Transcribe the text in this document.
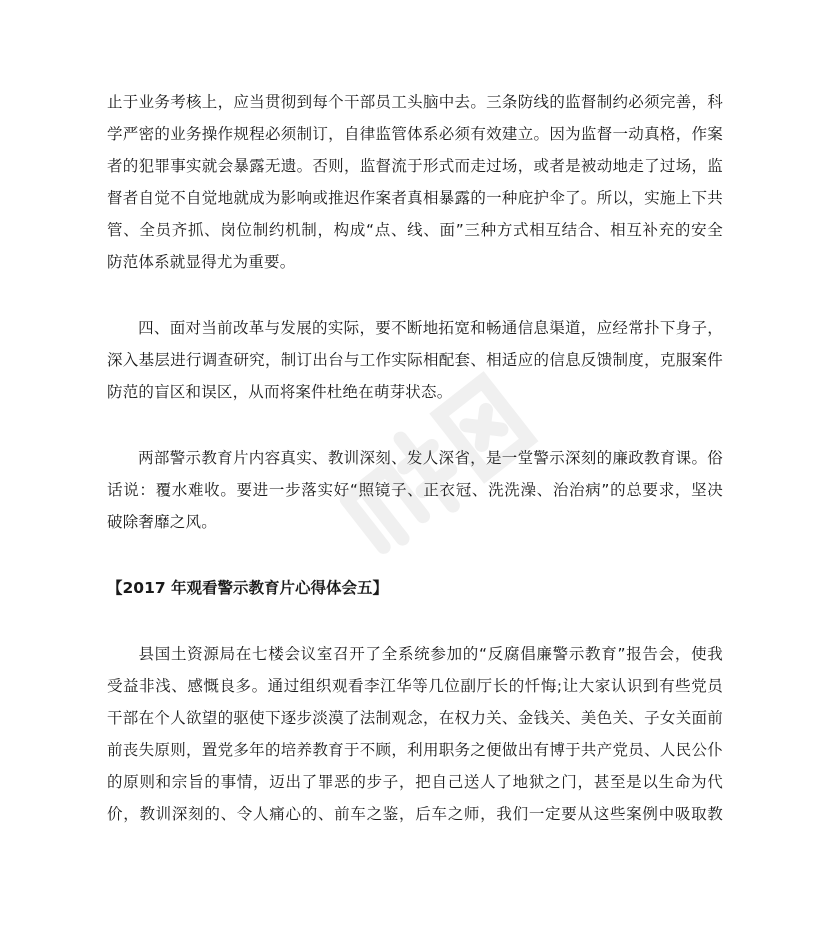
止于业务考核上，应当贯彻到每个干部员工头脑中去。三条防线的监督制约必须完善，科
学严密的业务操作规程必须制订，自律监管体系必须有效建立。因为监督一动真格，作案
者的犯罪事实就会暴露无遗。否则，监督流于形式而走过场，或者是被动地走了过场，监
督者自觉不自觉地就成为影响或推迟作案者真相暴露的一种庇护伞了。所以，实施上下共
管、全员齐抓、岗位制约机制，构成“点、线、面”三种方式相互结合、相互补充的安全
防范体系就显得尤为重要。

四、面对当前改革与发展的实际，要不断地拓宽和畅通信息渠道，应经常扑下身子，
深入基层进行调查研究，制订出台与工作实际相配套、相适应的信息反馈制度，克服案件
防范的盲区和误区，从而将案件杜绝在萌芽状态。

两部警示教育片内容真实、教训深刻、发人深省，是一堂警示深刻的廉政教育课。俗
话说：覆水难收。要进一步落实好“照镜子、正衣冠、洗洗澡、治治病”的总要求，坚决
破除奢靡之风。

【2017 年观看警示教育片心得体会五】

县国土资源局在七楼会议室召开了全系统参加的“反腐倡廉警示教育”报告会，使我
受益非浅、感慨良多。通过组织观看李江华等几位副厅长的忏悔;让大家认识到有些党员
干部在个人欲望的驱使下逐步淡漠了法制观念，在权力关、金钱关、美色关、子女关面前
前丧失原则，置党多年的培养教育于不顾，利用职务之便做出有博于共产党员、人民公仆
的原则和宗旨的事情，迈出了罪恶的步子，把自己送人了地狱之门，甚至是以生命为代
价，教训深刻的、令人痛心的、前车之鉴，后车之师，我们一定要从这些案例中吸取教
